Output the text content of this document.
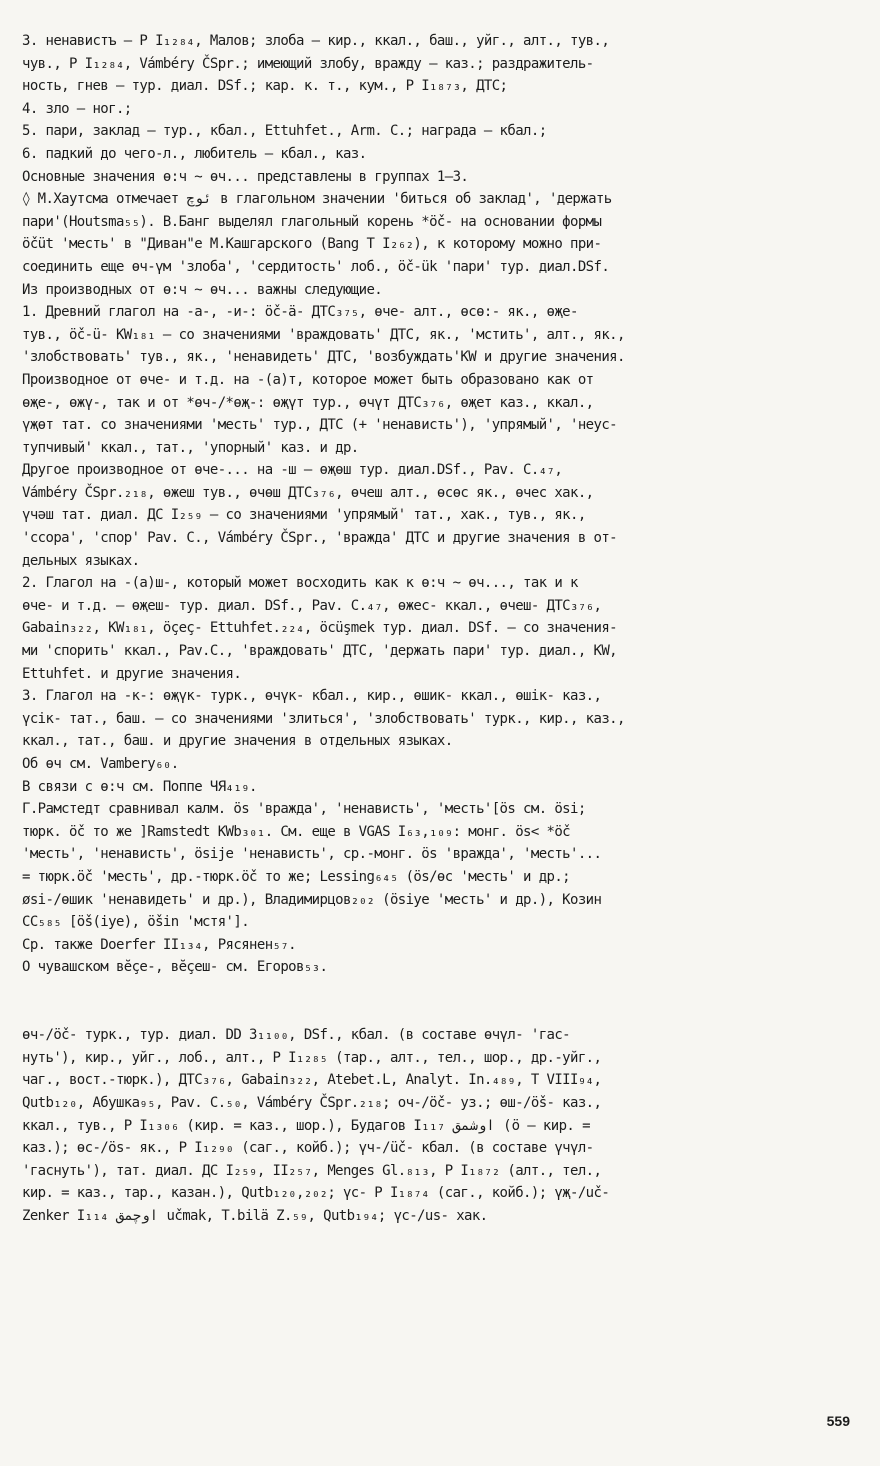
3. ненавистъ – Р I₁₂₈₄, Малов; злоба – кир., ккал., баш., уйг., алт., тув.,
чув., Р I₁₂₈₄, Vámbéry ČSpr.; имеющий злобу, вражду – каз.; раздражитель-
ность, гнев – тур. диал. DSf.; кар. к. т., кум., Р I₁₈₇₃, ДТС;
4. зло – ног.;
5. пари, заклад – тур., кбал., Ettuhfet., Arm. C.; награда – кбал.;
6. падкий до чего-л., любитель – кбал., каз.
Основные значения ө:ч ~ өч... представлены в группах 1–3.
◊ М.Хаутсма отмечает ئوچ в глагольном значении 'биться об заклад', 'держать
пари'(Houtsma₅₅). В.Банг выделял глагольный корень *öč- на основании формы
öčüt 'месть' в "Диван"е М.Кашгарского (Bang T I₂₆₂), к которому можно при-
соединить еще өч-үм 'злоба', 'сердитость' лоб., öč-ük 'пари' тур. диал.DSf.
Из производных от ө:ч ~ өч... важны следующие.
1. Древний глагол на -а-, -и-: öč-ä- ДТС₃₇₅, өче- алт., өсө:- як., өҗе-
тув., öč-ü- KW₁₈₁ – со значениями 'враждовать' ДТС, як., 'мстить', алт., як.,
'злобствовать' тув., як., 'ненавидеть' ДТС, 'возбуждать'KW и другие значения.
Производное от өче- и т.д. на -(а)т, которое может быть образовано как от
өҗе-, өжү-, так и от *өч-/*өҗ-: өҗүт тур., өчүт ДТС₃₇₆, өҗет каз., ккал.,
үҗөт тат. со значениями 'месть' тур., ДТС (+ 'ненависть'), 'упрямый', 'неус-
тупчивый' ккал., тат., 'упорный' каз. и др.
Другое производное от өче-... на -ш – өҗөш тур. диал.DSf., Pav. C.₄₇,
Vámbéry ČSpr.₂₁₈, өжеш тув., өчөш ДТС₃₇₆, өчеш алт., өсөс як., өчес хак.,
үчәш тат. диал. ДС I₂₅₉ – со значениями 'упрямый' тат., хак., тув., як.,
'ссора', 'спор' Pav. C., Vámbéry ČSpr., 'вражда' ДТС и другие значения в от-
дельных языках.
2. Глагол на -(а)ш-, который может восходить как к ө:ч ~ өч..., так и к
өче- и т.д. – өҗеш- тур. диал. DSf., Pav. C.₄₇, өжес- ккал., өчеш- ДТС₃₇₆,
Gabain₃₂₂, KW₁₈₁, öçeç- Ettuhfet.₂₂₄, öcüşmek тур. диал. DSf. – со значения-
ми 'спорить' ккал., Pav.C., 'враждовать' ДТС, 'держать пари' тур. диал., KW,
Ettuhfet. и другие значения.
3. Глагол на -к-: өҗүк- турк., өчүк- кбал., кир., өшик- ккал., өшік- каз.,
үсік- тат., баш. – со значениями 'злиться', 'злобствовать' турк., кир., каз.,
ккал., тат., баш. и другие значения в отдельных языках.
Об өч см. Vambery₆₀.
В связи с ө:ч см. Поппе ЧЯ₄₁₉.
Г.Рамстедт сравнивал калм. ös 'вражда', 'ненависть', 'месть'[ös см. ösi;
тюрк. öč то же ]Ramstedt KWb₃₀₁. См. еще в VGAS I₆₃,₁₀₉: монг. ös< *öč
'месть', 'ненависть', ösije 'ненависть', ср.-монг. ös 'вражда', 'месть'...
= тюрк.öč 'месть', др.-тюрк.öč то же; Lessing₆₄₅ (ös/өс 'месть' и др.;
øsi-/өшик 'ненавидеть' и др.), Владимирцов₂₀₂ (ösiye 'месть' и др.), Козин
CC₅₈₅ [öš(iye), öšin 'мстя'].
Ср. также Doerfer II₁₃₄, Рясянен₅₇.
О чувашском вӗҫе-, вӗҫеш- см. Егоров₅₃.
өч-/öč- турк., тур. диал. DD 3₁₁₀₀, DSf., кбал. (в составе өчүл- 'гас-
нуть'), кир., уйг., лоб., алт., Р I₁₂₈₅ (тар., алт., тел., шор., др.-уйг.,
чаг., вост.-тюрк.), ДТС₃₇₆, Gabain₃₂₂, Atebet.L, Analyt. In.₄₈₉, Т VIII₉₄,
Qutb₁₂₀, Абушка₉₅, Pav. C.₅₀, Vámbéry ČSpr.₂₁₈; оч-/öč- уз.; өш-/öš- каз.,
ккал., тув., Р I₁₃₀₆ (кир. = каз., шор.), Будагов I₁₁₇ اوشمق (ö – кир. =
каз.); өс-/ös- як., Р I₁₂₉₀ (саг., койб.); үч-/üč- кбал. (в составе үчүл-
'гаснуть'), тат. диал. ДС I₂₅₉, II₂₅₇, Menges Gl.₈₁₃, Р I₁₈₇₂ (алт., тел.,
кир. = каз., тар., казан.), Qutb₁₂₀,₂₀₂; үс- Р I₁₈₇₄ (саг., койб.); үҗ-/uč-
Zenker I₁₁₄ اوچمق učmak, T.bilä Z.₅₉, Qutb₁₉₄; үс-/us- хак.
559
